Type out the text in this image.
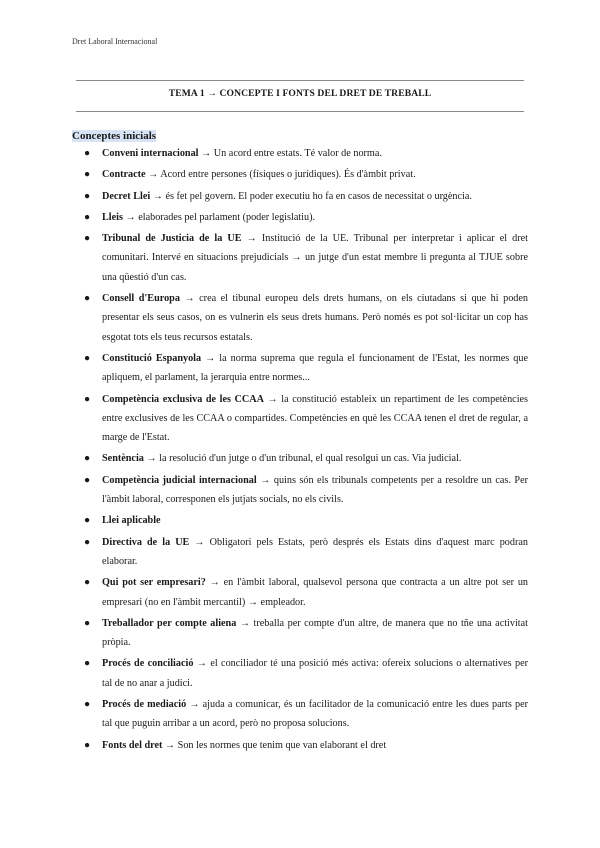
Dret Laboral Internacional
TEMA 1 → CONCEPTE I FONTS DEL DRET DE TREBALL
Conceptes inicials
● Conveni internacional → Un acord entre estats. Té valor de norma.
● Contracte → Acord entre persones (físiques o jurídiques). És d'àmbit privat.
● Decret Llei → és fet pel govern. El poder executiu ho fa en casos de necessitat o urgència.
● Lleis → elaborades pel parlament (poder legislatiu).
● Tribunal de Justicia de la UE → Institució de la UE. Tribunal per interpretar i aplicar el dret comunitari. Intervé en situacions prejudicials → un jutge d'un estat membre li pregunta al TJUE sobre una qüestió d'un cas.
● Consell d'Europa → crea el tibunal europeu dels drets humans, on els ciutadans si que hi poden presentar els seus casos, on es vulnerin els seus drets humans. Però només es pot sol·licitar un cop has esgotat tots els teus recursos estatals.
● Constitució Espanyola → la norma suprema que regula el funcionament de l'Estat, les normes que apliquem, el parlament, la jerarquia entre normes...
● Competència exclusiva de les CCAA → la constitució estableix un repartiment de les competències entre exclusives de les CCAA o compartides. Competències en què les CCAA tenen el dret de regular, a marge de l'Estat.
● Sentència → la resolució d'un jutge o d'un tribunal, el qual resolgui un cas. Via judicial.
● Competència judicial internacional → quins són els tribunals competents per a resoldre un cas. Per l'àmbit laboral, corresponen els jutjats socials, no els civils.
● Llei aplicable
● Directiva de la UE → Obligatori pels Estats, però després els Estats dins d'aquest marc podran elaborar.
● Qui pot ser empresari? → en l'àmbit laboral, qualsevol persona que contracta a un altre pot ser un empresari (no en l'àmbit mercantil) → empleador.
● Treballador per compte aliena → treballa per compte d'un altre, de manera que no tñe una activitat pròpia.
● Procés de conciliació → el conciliador té una posició més activa: ofereix solucions o alternatives per tal de no anar a judici.
● Procés de mediació → ajuda a comunicar, és un facilitador de la comunicació entre les dues parts per tal que puguin arribar a un acord, però no proposa solucions.
● Fonts del dret → Son les normes que tenim que van elaborant el dret
